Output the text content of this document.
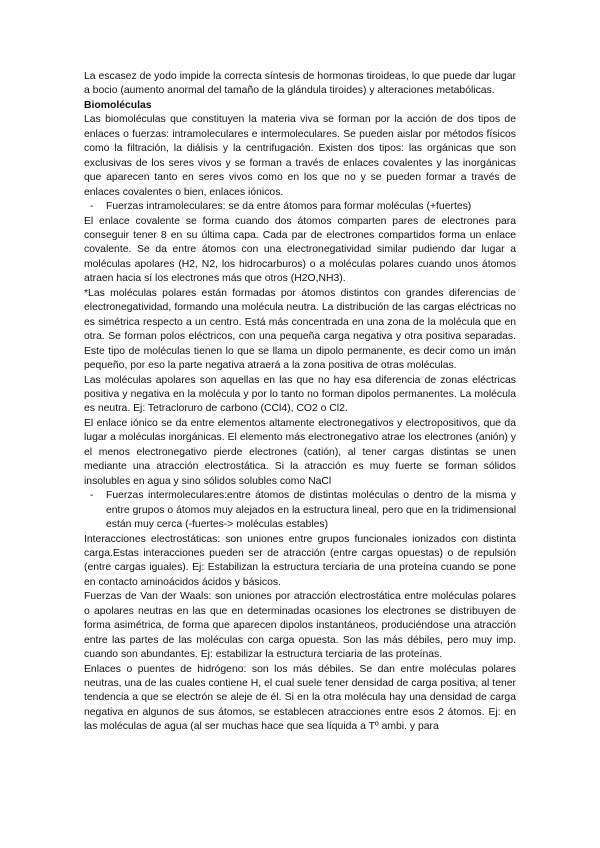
La escasez de yodo impide la correcta síntesis de hormonas tiroideas, lo que puede dar lugar a bocio (aumento anormal del tamaño de la glándula tiroides) y alteraciones metabólicas.

Biomoléculas

Las biomoléculas que constituyen la materia viva se forman por la acción de dos tipos de enlaces o fuerzas: intramoleculares e intermoleculares. Se pueden aislar por métodos físicos como la filtración, la diálisis y la centrifugación. Existen dos tipos: las orgánicas que son exclusivas de los seres vivos y se forman a través de enlaces covalentes y las inorgánicas que aparecen tanto en seres vivos como en los que no y se pueden formar a través de enlaces covalentes o bien, enlaces iónicos.

-	Fuerzas intramoleculares: se da entre átomos para formar moléculas (+fuertes)

El enlace covalente se forma cuando dos átomos comparten pares de electrones para conseguir tener 8 en su última capa. Cada par de electrones compartidos forma un enlace covalente. Se da entre átomos con una electronegatividad similar pudiendo dar lugar a moléculas apolares (H2, N2, los hidrocarburos) o a moléculas polares cuando unos átomos atraen hacia sí los electrones más que otros (H2O,NH3).

*Las moléculas polares están formadas por átomos distintos con grandes diferencias de electronegatividad, formando una molécula neutra. La distribución de las cargas eléctricas no es simétrica respecto a un centro. Está más concentrada en una zona de la molécula que en otra. Se forman polos eléctricos, con una pequeña carga negativa y otra positiva separadas. Este tipo de moléculas tienen lo que se llama un dipolo permanente, es decir como un imán pequeño, por eso la parte negativa atraerá a la zona positiva de otras moléculas.

Las moléculas apolares son aquellas en las que no hay esa diferencia de zonas eléctricas positiva y negativa en la molécula y por lo tanto no forman dipolos permanentes. La molécula es neutra. Ej: Tetracloruro de carbono (CCl4), CO2 o Cl2.

El enlace iónico se da entre elementos altamente electronegativos y electropositivos, que da lugar a moléculas inorgánicas. El elemento más electronegativo atrae los electrones (anión) y el menos electronegativo pierde electrones (catión), al tener cargas distintas se unen mediante una atracción electrostática. Si la atracción es muy fuerte se forman sólidos insolubles en agua y sino sólidos solubles como NaCl

-	Fuerzas intermoleculares:entre átomos de distintas moléculas o dentro de la misma y entre grupos o átomos muy alejados en la estructura lineal, pero que en la tridimensional están muy cerca (-fuertes-> moléculas estables)

Interacciones electrostáticas: son uniones entre grupos funcionales ionizados con distinta carga.Estas interacciones pueden ser de atracción (entre cargas opuestas) o de repulsión (entre cargas iguales). Ej: Estabilizan la estructura terciaria de una proteína cuando se pone en contacto aminoácidos ácidos y básicos.

Fuerzas de Van der Waals: son uniones por atracción electrostática entre moléculas polares o apolares neutras en las que en determinadas ocasiones los electrones se distribuyen de forma asimétrica, de forma que aparecen dipolos instantáneos, produciéndose una atracción entre las partes de las moléculas con carga opuesta. Son las más débiles, pero muy imp. cuando son abundantes. Ej: estabilizar la estructura terciaria de las proteínas.

Enlaces o puentes de hidrógeno: son los más débiles. Se dan entre moléculas polares neutras, una de las cuales contiene H, el cual suele tener densidad de carga positiva, al tener tendencia a que se electrón se aleje de él. Si en la otra molécula hay una densidad de carga negativa en algunos de sus átomos, se establecen atracciones entre esos 2 átomos. Ej: en las moléculas de agua (al ser muchas hace que sea líquida a Tº ambi. y para
